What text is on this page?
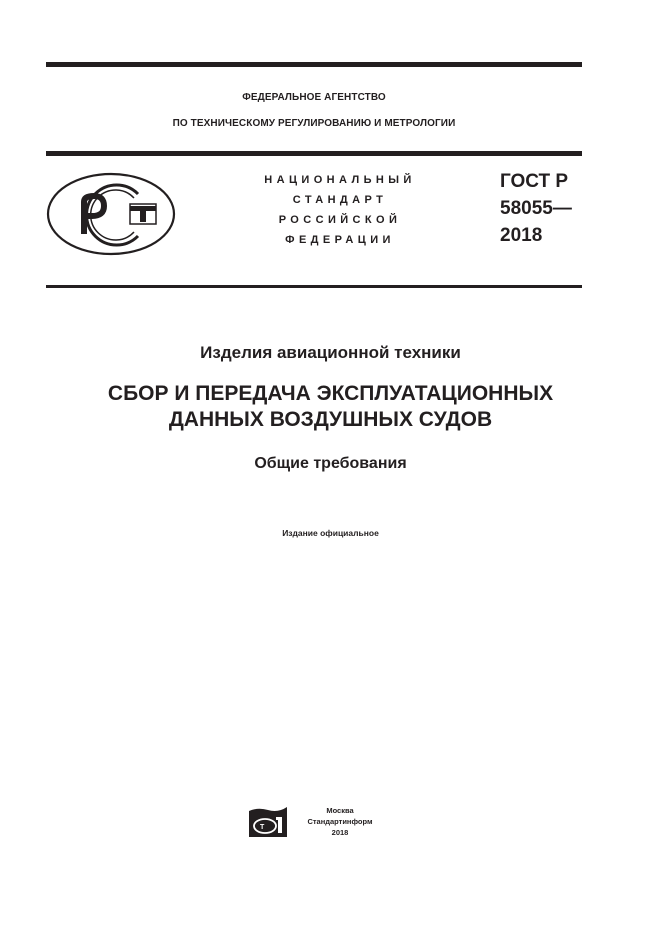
ФЕДЕРАЛЬНОЕ АГЕНТСТВО
ПО ТЕХНИЧЕСКОМУ РЕГУЛИРОВАНИЮ И МЕТРОЛОГИИ
НАЦИОНАЛЬНЫЙ
СТАНДАРТ
РОССИЙСКОЙ
ФЕДЕРАЦИИ
ГОСТ Р
58055—
2018
Изделия авиационной техники
СБОР И ПЕРЕДАЧА ЭКСПЛУАТАЦИОННЫХ
ДАННЫХ ВОЗДУШНЫХ СУДОВ
Общие требования
Издание официальное
Т
Москва
Стандартинформ
2018
